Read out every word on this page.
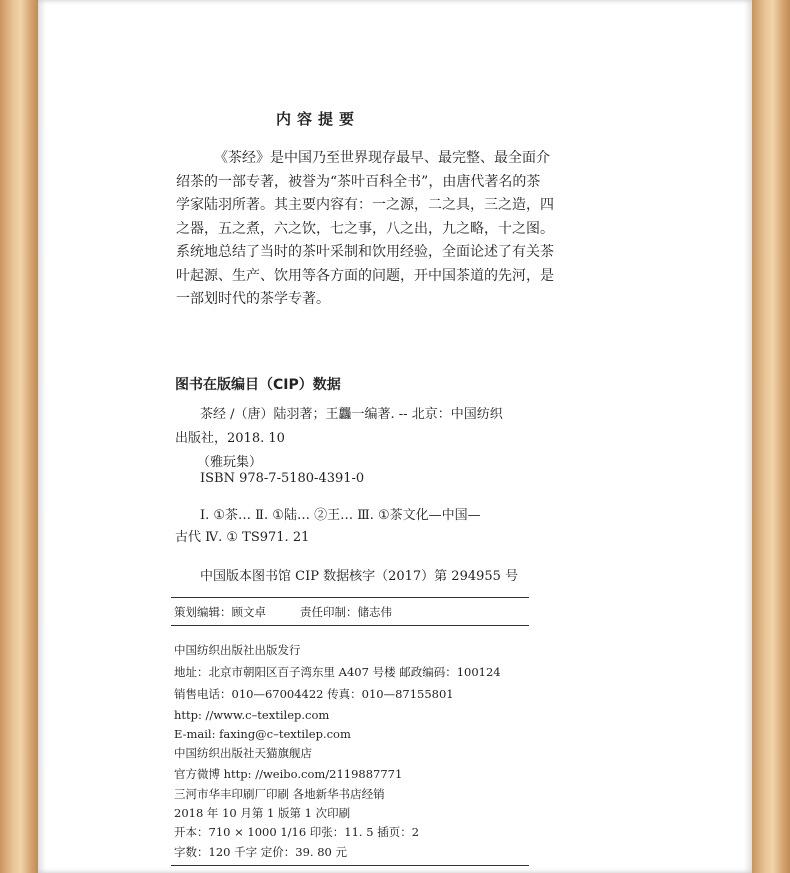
内容提要

《茶经》是中国乃至世界现存最早、最完整、最全面介

绍茶的一部专著，被誉为“茶叶百科全书”，由唐代著名的茶

学家陆羽所著。其主要内容有：一之源，二之具，三之造，四

之器，五之煮，六之饮，七之事，八之出，九之略，十之图。

系统地总结了当时的茶叶采制和饮用经验，全面论述了有关茶

叶起源、生产、饮用等各方面的问题，开中国茶道的先河，是

一部划时代的茶学专著。

图书在版编目（CIP）数据
茶经 /（唐）陆羽著；王龘一编著. -- 北京：中国纺织
出版社，2018. 10
（雅玩集）
ISBN 978-7-5180-4391-0
Ⅰ. ①茶… Ⅱ. ①陆… ②王… Ⅲ. ①茶文化—中国—
古代 Ⅳ. ① TS971. 21
中国版本图书馆 CIP 数据核字（2017）第 294955 号
策划编辑：顾文卓	责任印制：储志伟
中国纺织出版社出版发行
地址：北京市朝阳区百子湾东里 A407 号楼 邮政编码：100124
销售电话：010—67004422 传真：010—87155801
http: //www.c–textilep.com
E-mail: faxing@c–textilep.com
中国纺织出版社天猫旗舰店
官方微博 http: //weibo.com/2119887771
三河市华丰印刷厂印刷 各地新华书店经销
2018 年 10 月第 1 版第 1 次印刷
开本：710 × 1000 1/16 印张：11. 5 插页：2
字数：120 千字 定价：39. 80 元
